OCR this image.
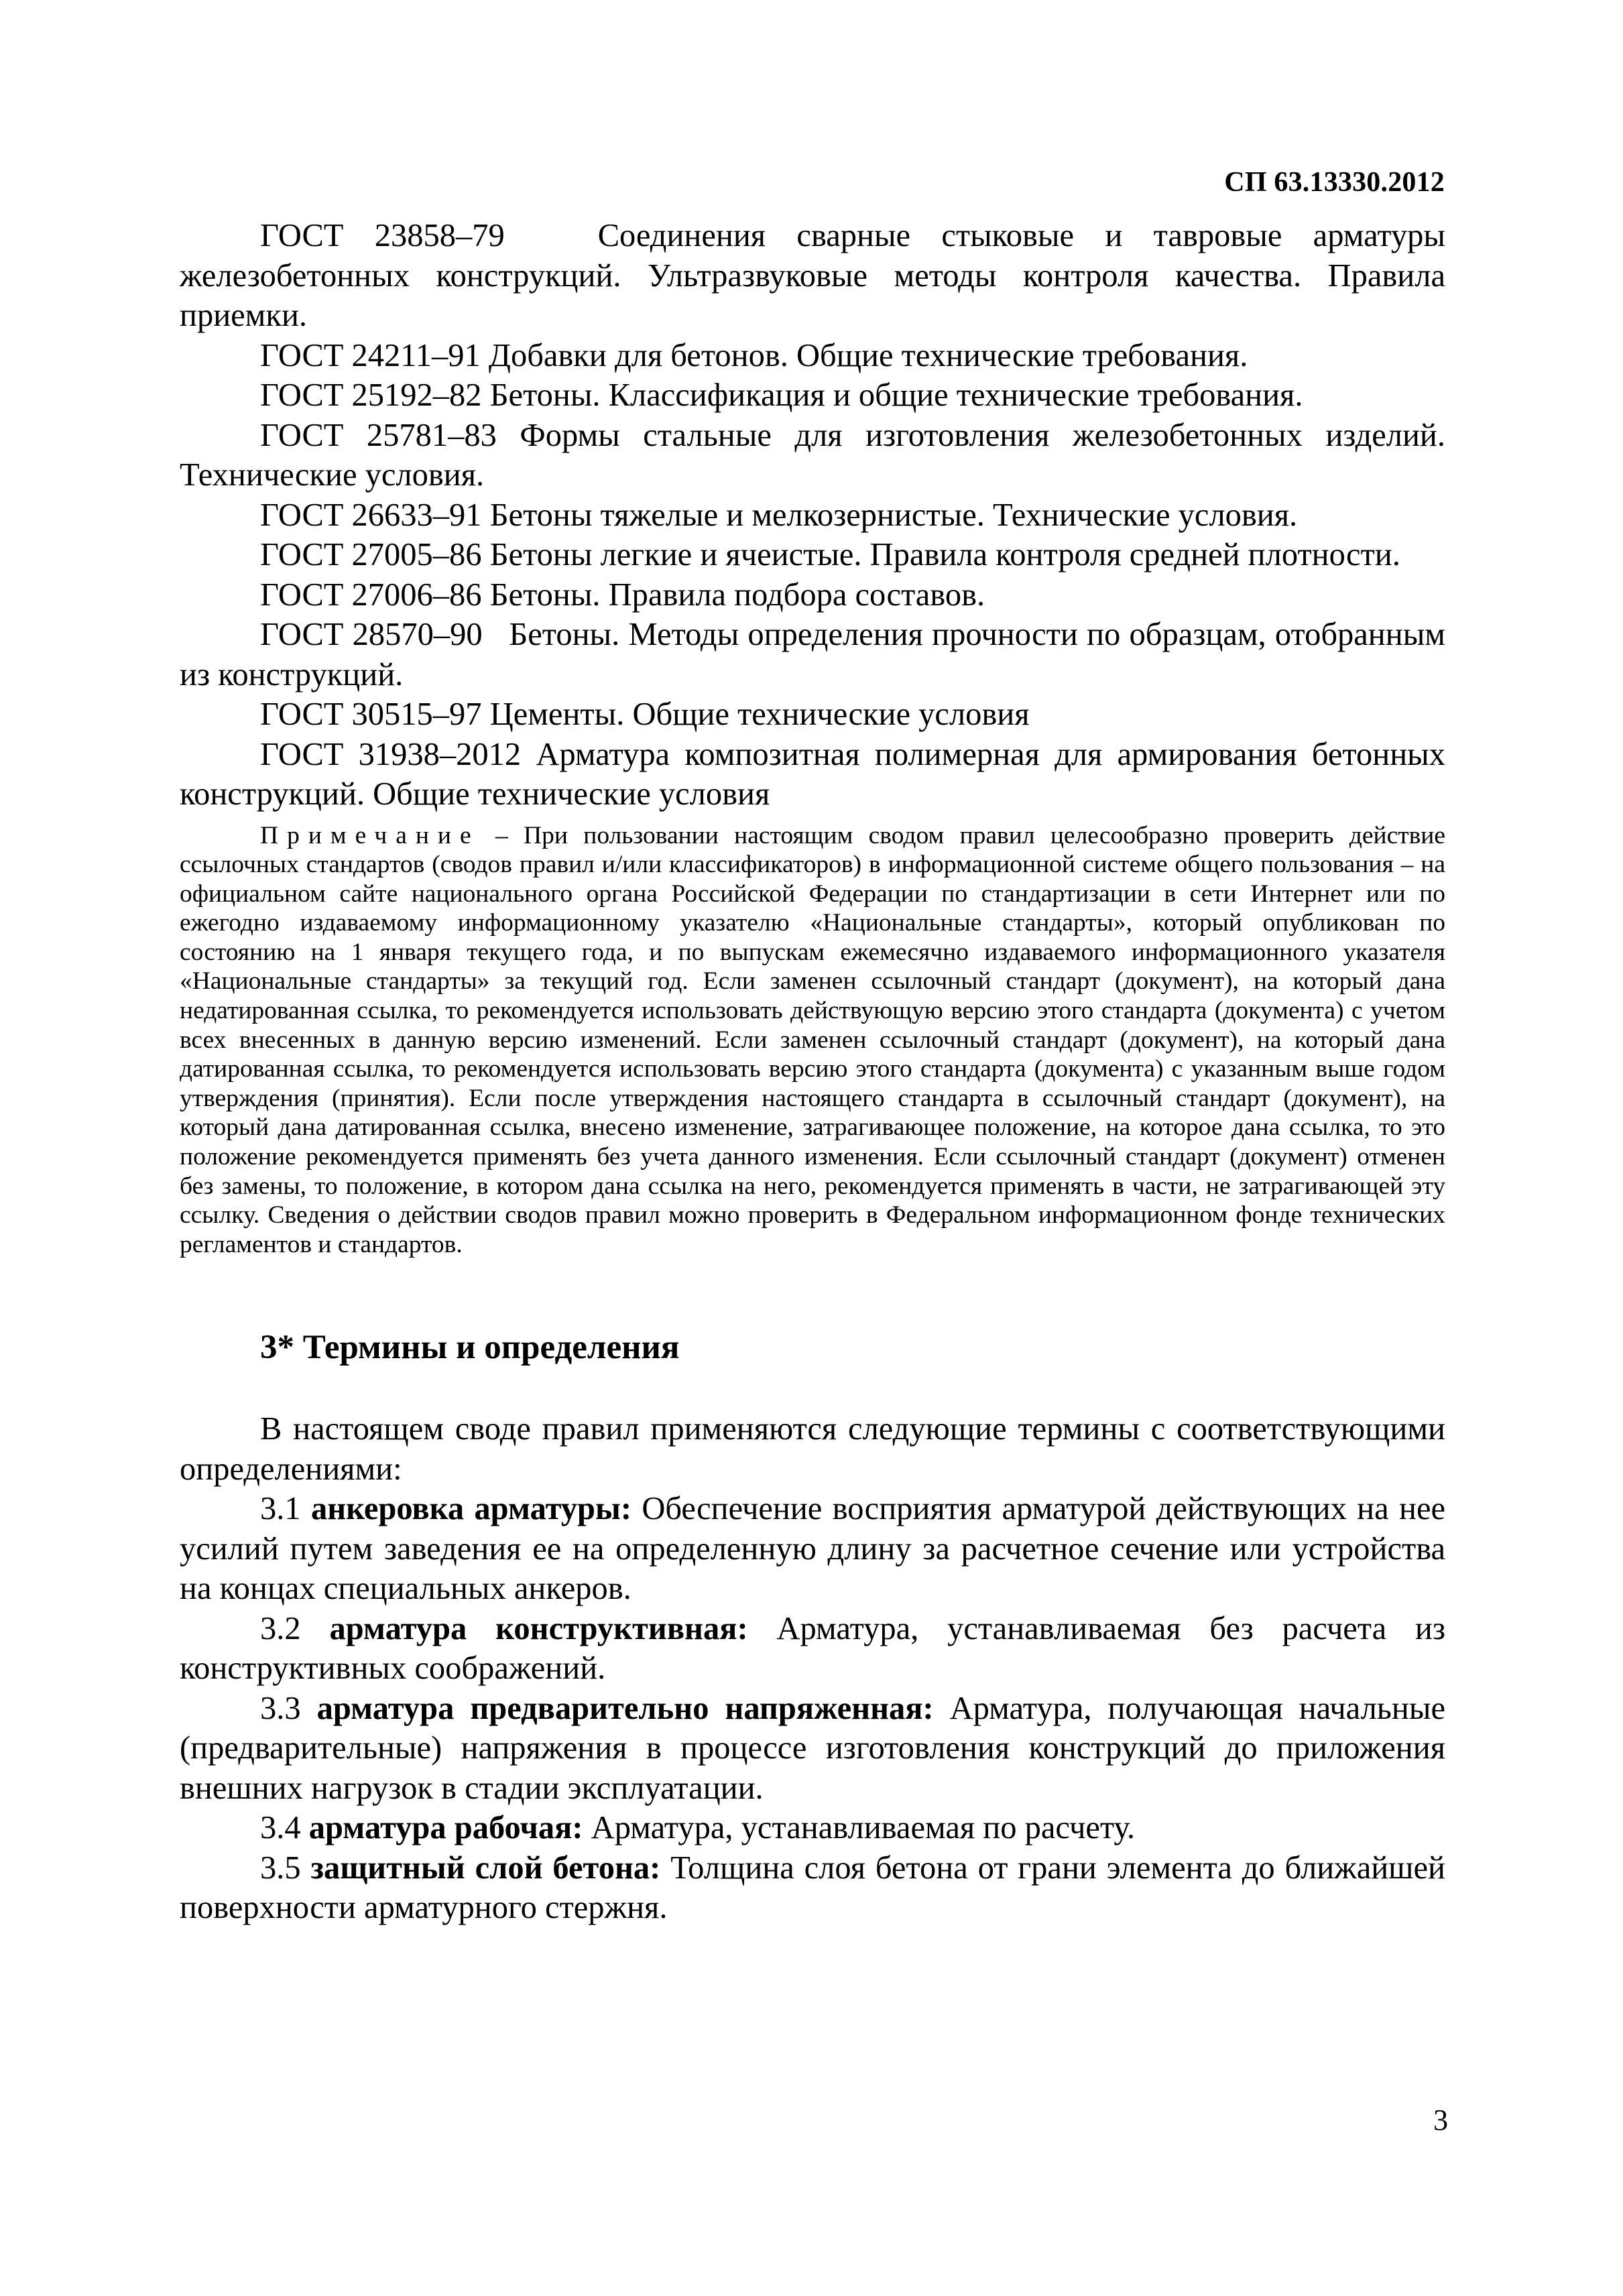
СП 63.13330.2012

ГОСТ 23858–79	Соединения сварные стыковые и тавровые арматуры железобетонных конструкций. Ультразвуковые методы контроля качества. Правила приемки.

ГОСТ 24211–91 Добавки для бетонов. Общие технические требования.

ГОСТ 25192–82 Бетоны. Классификация и общие технические требования.

ГОСТ 25781–83 Формы стальные для изготовления железобетонных изделий. Технические условия.

ГОСТ 26633–91 Бетоны тяжелые и мелкозернистые. Технические условия.

ГОСТ 27005–86 Бетоны легкие и ячеистые. Правила контроля средней плотности.

ГОСТ 27006–86 Бетоны. Правила подбора составов.

ГОСТ 28570–90 Бетоны. Методы определения прочности по образцам, отобранным из конструкций.

ГОСТ 30515–97 Цементы. Общие технические условия

ГОСТ 31938–2012 Арматура композитная полимерная для армирования бетонных конструкций. Общие технические условия

Примечание – При пользовании настоящим сводом правил целесообразно проверить действие ссылочных стандартов (сводов правил и/или классификаторов) в информационной системе общего пользования – на официальном сайте национального органа Российской Федерации по стандартизации в сети Интернет или по ежегодно издаваемому информационному указателю «Национальные стандарты», который опубликован по состоянию на 1 января текущего года, и по выпускам ежемесячно издаваемого информационного указателя «Национальные стандарты» за текущий год. Если заменен ссылочный стандарт (документ), на который дана недатированная ссылка, то рекомендуется использовать действующую версию этого стандарта (документа) с учетом всех внесенных в данную версию изменений. Если заменен ссылочный стандарт (документ), на который дана датированная ссылка, то рекомендуется использовать версию этого стандарта (документа) с указанным выше годом утверждения (принятия). Если после утверждения настоящего стандарта в ссылочный стандарт (документ), на который дана датированная ссылка, внесено изменение, затрагивающее положение, на которое дана ссылка, то это положение рекомендуется применять без учета данного изменения. Если ссылочный стандарт (документ) отменен без замены, то положение, в котором дана ссылка на него, рекомендуется применять в части, не затрагивающей эту ссылку. Сведения о действии сводов правил можно проверить в Федеральном информационном фонде технических регламентов и стандартов.

3* Термины и определения

В настоящем своде правил применяются следующие термины с соответствующими определениями:

3.1 анкеровка арматуры: Обеспечение восприятия арматурой действующих на нее усилий путем заведения ее на определенную длину за расчетное сечение или устройства на концах специальных анкеров.

3.2 арматура конструктивная: Арматура, устанавливаемая без расчета из конструктивных соображений.

3.3 арматура предварительно напряженная: Арматура, получающая начальные (предварительные) напряжения в процессе изготовления конструкций до приложения внешних нагрузок в стадии эксплуатации.

3.4 арматура рабочая: Арматура, устанавливаемая по расчету.

3.5 защитный слой бетона: Толщина слоя бетона от грани элемента до ближайшей поверхности арматурного стержня.

3
